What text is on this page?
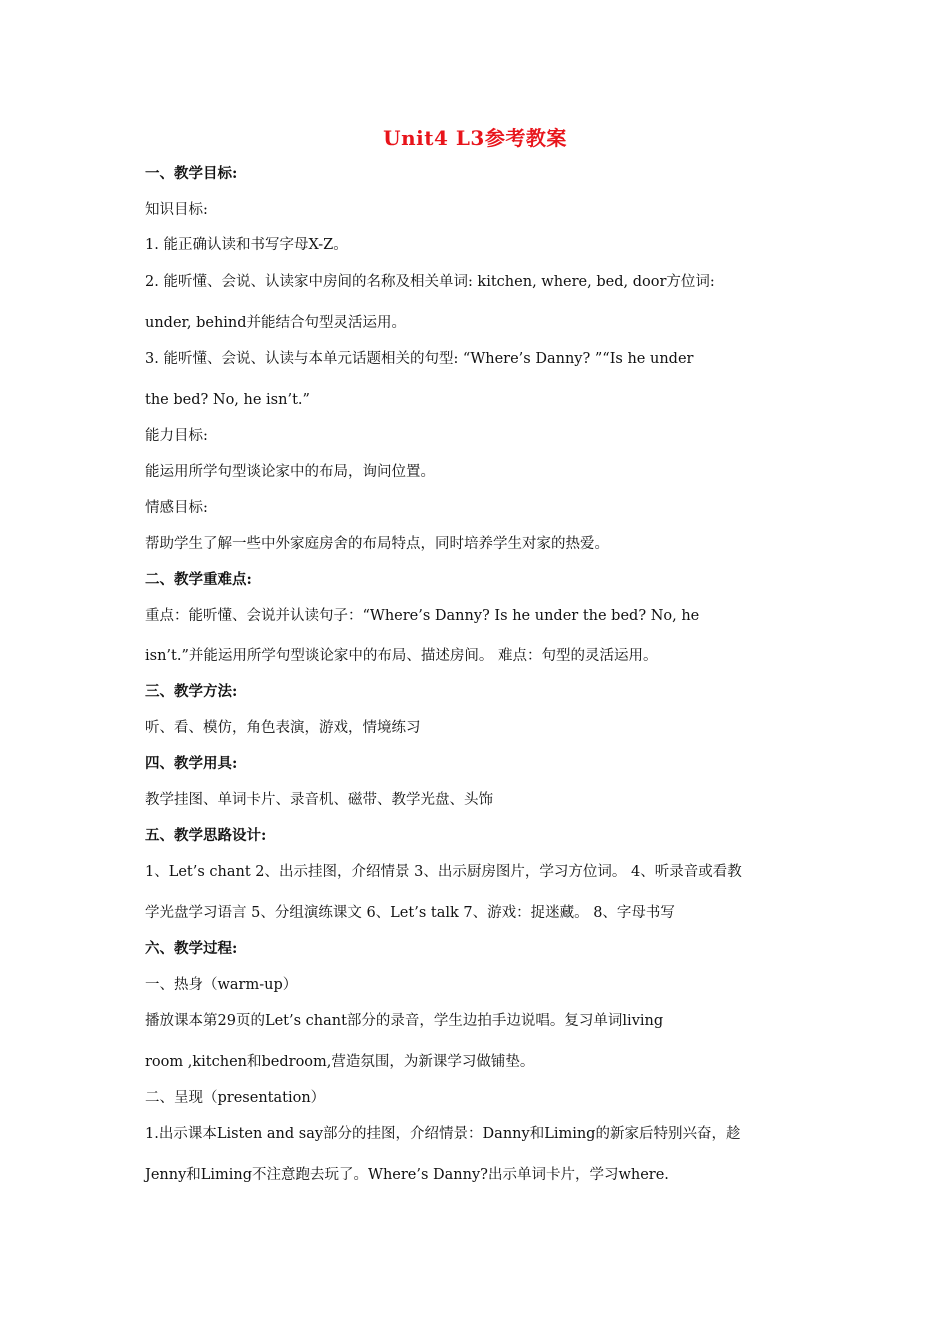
Unit4 L3参考教案
一、教学目标:
知识目标:
1. 能正确认读和书写字母X-Z。
2. 能听懂、会说、认读家中房间的名称及相关单词: kitchen, where, bed, door方位词:
under, behind并能结合句型灵活运用。
3. 能听懂、会说、认读与本单元话题相关的句型: “Where’s Danny? ”“Is he under
the bed? No, he isn’t.”
能力目标:
能运用所学句型谈论家中的布局，询问位置。
情感目标:
帮助学生了解一些中外家庭房舍的布局特点，同时培养学生对家的热爱。
二、教学重难点:
重点：能听懂、会说并认读句子：“Where’s Danny? Is he under the bed? No, he
isn’t.”并能运用所学句型谈论家中的布局、描述房间。 难点：句型的灵活运用。
三、教学方法:
听、看、模仿，角色表演，游戏，情境练习
四、教学用具:
教学挂图、单词卡片、录音机、磁带、教学光盘、头饰
五、教学思路设计:
1、Let’s chant 2、出示挂图，介绍情景 3、出示厨房图片，学习方位词。 4、听录音或看教
学光盘学习语言 5、分组演练课文 6、Let’s talk 7、游戏：捉迷藏。 8、字母书写
六、教学过程:
一、热身（warm-up）
播放课本第29页的Let’s chant部分的录音，学生边拍手边说唱。复习单词living
room ,kitchen和bedroom,营造氛围，为新课学习做铺垫。
二、呈现（presentation）
1.出示课本Listen and say部分的挂图，介绍情景：Danny和Liming的新家后特别兴奋，趁
Jenny和Liming不注意跑去玩了。Where’s Danny?出示单词卡片，学习where.
